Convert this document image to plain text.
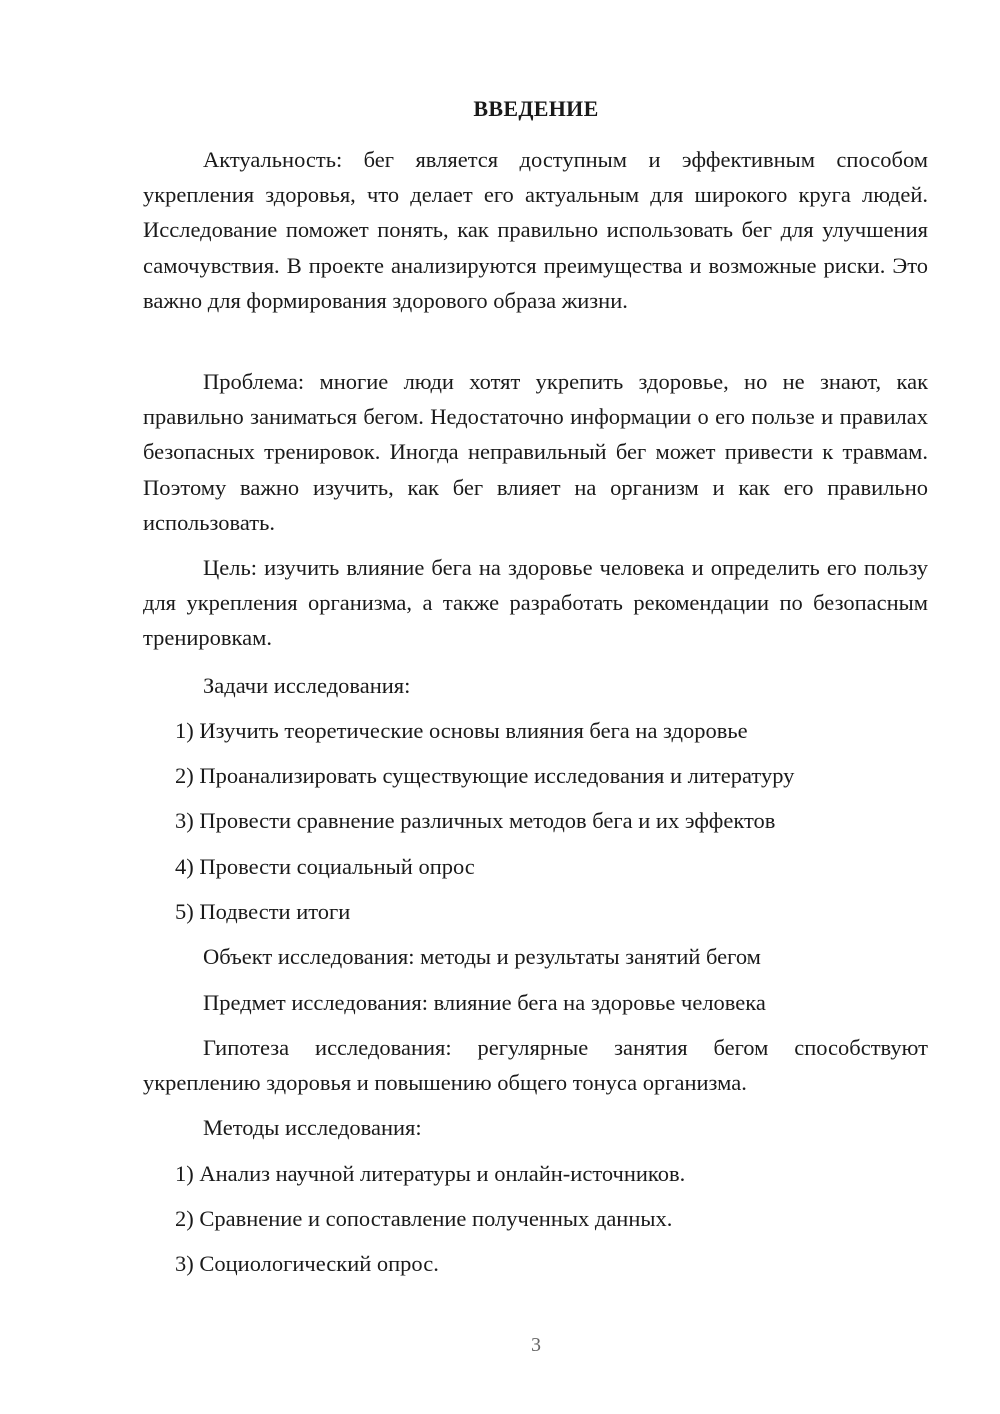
ВВЕДЕНИЕ

Актуальность: бег является доступным и эффективным способом укрепления здоровья, что делает его актуальным для широкого круга людей. Исследование поможет понять, как правильно использовать бег для улучшения самочувствия. В проекте анализируются преимущества и возможные риски. Это важно для формирования здорового образа жизни.

Проблема: многие люди хотят укрепить здоровье, но не знают, как правильно заниматься бегом. Недостаточно информации о его пользе и правилах безопасных тренировок. Иногда неправильный бег может привести к травмам. Поэтому важно изучить, как бег влияет на организм и как его правильно использовать.

Цель: изучить влияние бега на здоровье человека и определить его пользу для укрепления организма, а также разработать рекомендации по безопасным тренировкам.

Задачи исследования:

1) Изучить теоретические основы влияния бега на здоровье

2) Проанализировать существующие исследования и литературу

3) Провести сравнение различных методов бега и их эффектов

4) Провести социальный опрос

5) Подвести итоги

Объект исследования: методы и результаты занятий бегом

Предмет исследования: влияние бега на здоровье человека

Гипотеза исследования: регулярные занятия бегом способствуют укреплению здоровья и повышению общего тонуса организма.

Методы исследования:

1) Анализ научной литературы и онлайн-источников.

2) Сравнение и сопоставление полученных данных.

3) Социологический опрос.

3
